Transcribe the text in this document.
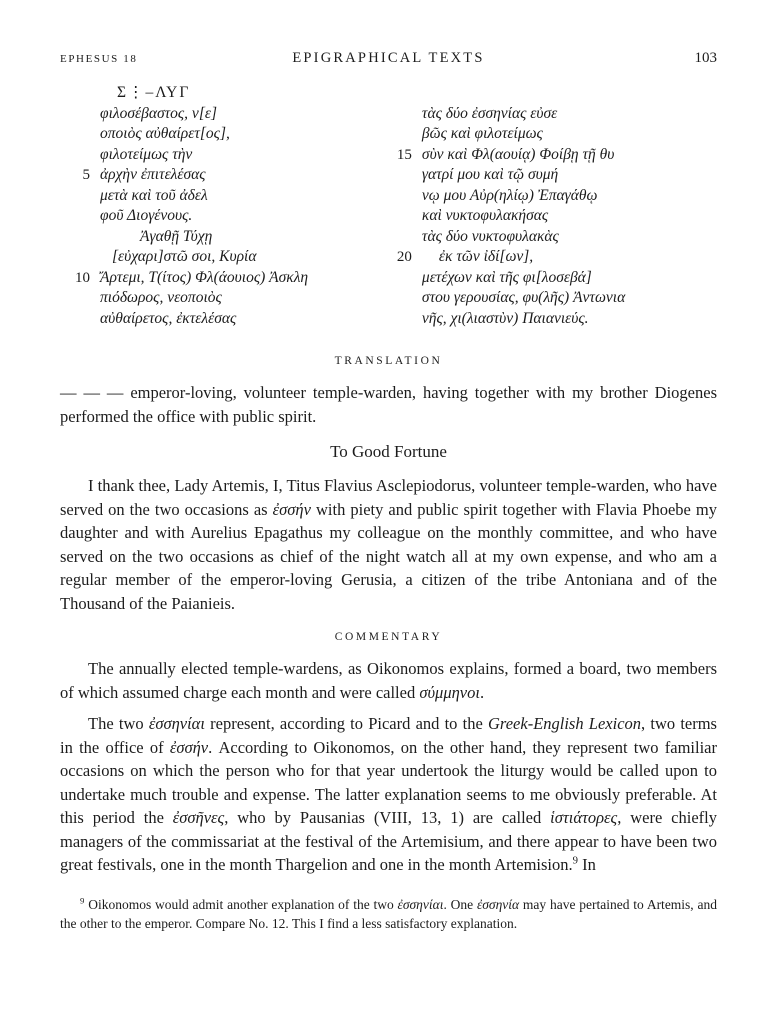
EPHESUS 18	EPIGRAPHICAL TEXTS	103
Σ⋮–ΛΥΓ
φιλοσέβαστος, ν[ε]
οποιὸς αὐθαίρετ[ος],
φιλοτείμως τὴν
5 ἀρχὴν ἐπιτελέσας
μετὰ καὶ τοῦ ἀδελ
φοῦ Διογένους.
Ἀγαθῇ Τύχῃ
[εὐχαρι]στῶ σοι, Κυρία
10 Ἄρτεμι, Τ(ίτος) Φλ(άουιος) Ἀσκλη
πιόδωρος, νεοποιὸς
αὐθαίρετος, ἐκτελέσας
τὰς δύο ἐσσηνίας εὐσε
βῶς καὶ φιλοτείμως
15 σὺν καὶ Φλ(αουίᾳ) Φοίβῃ τῇ θυ
γατρί μου καὶ τῷ συμή
νῳ μου Αὐρ(ηλίῳ) Ἐπαγάθῳ
καὶ νυκτοφυλακήσας
τὰς δύο νυκτοφυλακὰς
20	ἐκ τῶν ἰδί[ων],
μετέχων καὶ τῆς φι[λοσεβά]
στου γερουσίας, φυ(λῆς) Ἀντωνια
νῆς, χι(λιαστὺν) Παιανιεύς.
TRANSLATION

— — — emperor-loving, volunteer temple-warden, having together with my brother Diogenes performed the office with public spirit.

To Good Fortune

I thank thee, Lady Artemis, I, Titus Flavius Asclepiodorus, volunteer temple-warden, who have served on the two occasions as ἐσσήν with piety and public spirit together with Flavia Phoebe my daughter and with Aurelius Epagathus my colleague on the monthly committee, and who have served on the two occasions as chief of the night watch all at my own expense, and who am a regular member of the emperor-loving Gerusia, a citizen of the tribe Antoniana and of the Thousand of the Paianieis.

COMMENTARY

The annually elected temple-wardens, as Oikonomos explains, formed a board, two members of which assumed charge each month and were called σύμμηνοι.

The two ἐσσηνίαι represent, according to Picard and to the Greek-English Lexicon, two terms in the office of ἐσσήν. According to Oikonomos, on the other hand, they represent two familiar occasions on which the person who for that year undertook the liturgy would be called upon to undertake much trouble and expense. The latter explanation seems to me obviously preferable. At this period the ἐσσῆνες, who by Pausanias (VIII, 13, 1) are called ἱστιάτορες, were chiefly managers of the commissariat at the festival of the Artemisium, and there appear to have been two great festivals, one in the month Thargelion and one in the month Artemision.$^9$ In

$^9$ Oikonomos would admit another explanation of the two ἐσσηνίαι. One ἐσσηνία may have pertained to Artemis, and the other to the emperor. Compare No. 12. This I find a less satisfactory explanation.
